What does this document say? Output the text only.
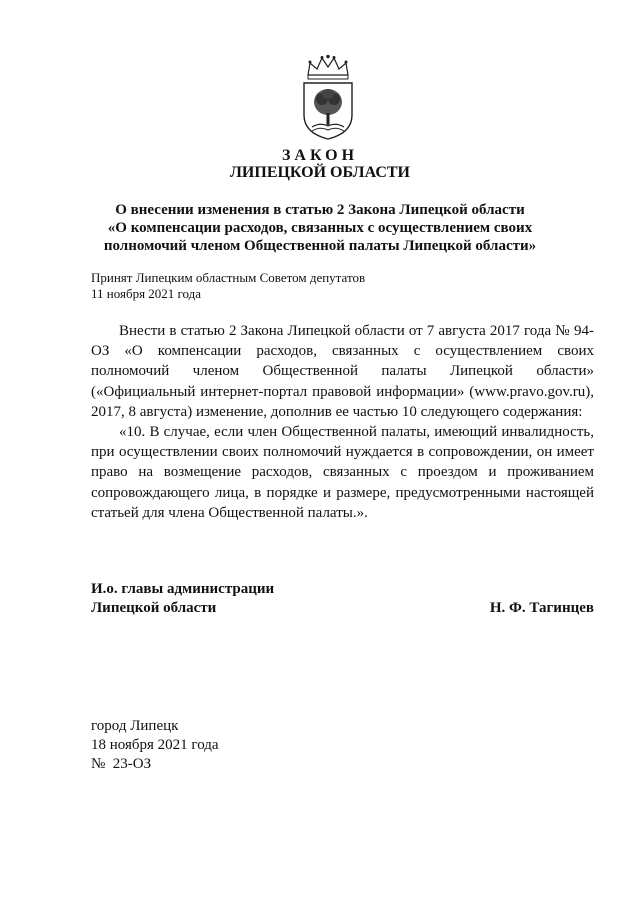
ЗАКОН
ЛИПЕЦКОЙ ОБЛАСТИ
О внесении изменения в статью 2 Закона Липецкой области
«О компенсации расходов, связанных с осуществлением своих
полномочий членом Общественной палаты Липецкой области»
Принят Липецким областным Советом депутатов
11 ноября 2021 года

Внести в статью 2 Закона Липецкой области от 7 августа 2017 года № 94-ОЗ «О компенсации расходов, связанных с осуществлением своих полномочий членом Общественной палаты Липецкой области» («Официальный интернет-портал правовой информации» (www.pravo.gov.ru), 2017, 8 августа) изменение, дополнив ее частью 10 следующего содержания:

«10. В случае, если член Общественной палаты, имеющий инвалидность, при осуществлении своих полномочий нуждается в сопровождении, он имеет право на возмещение расходов, связанных с проездом и проживанием сопровождающего лица, в порядке и размере, предусмотренными настоящей статьей для члена Общественной палаты.».

И.о. главы администрации
Липецкой области	Н. Ф. Тагинцев
город Липецк
18 ноября 2021 года
№  23-ОЗ
